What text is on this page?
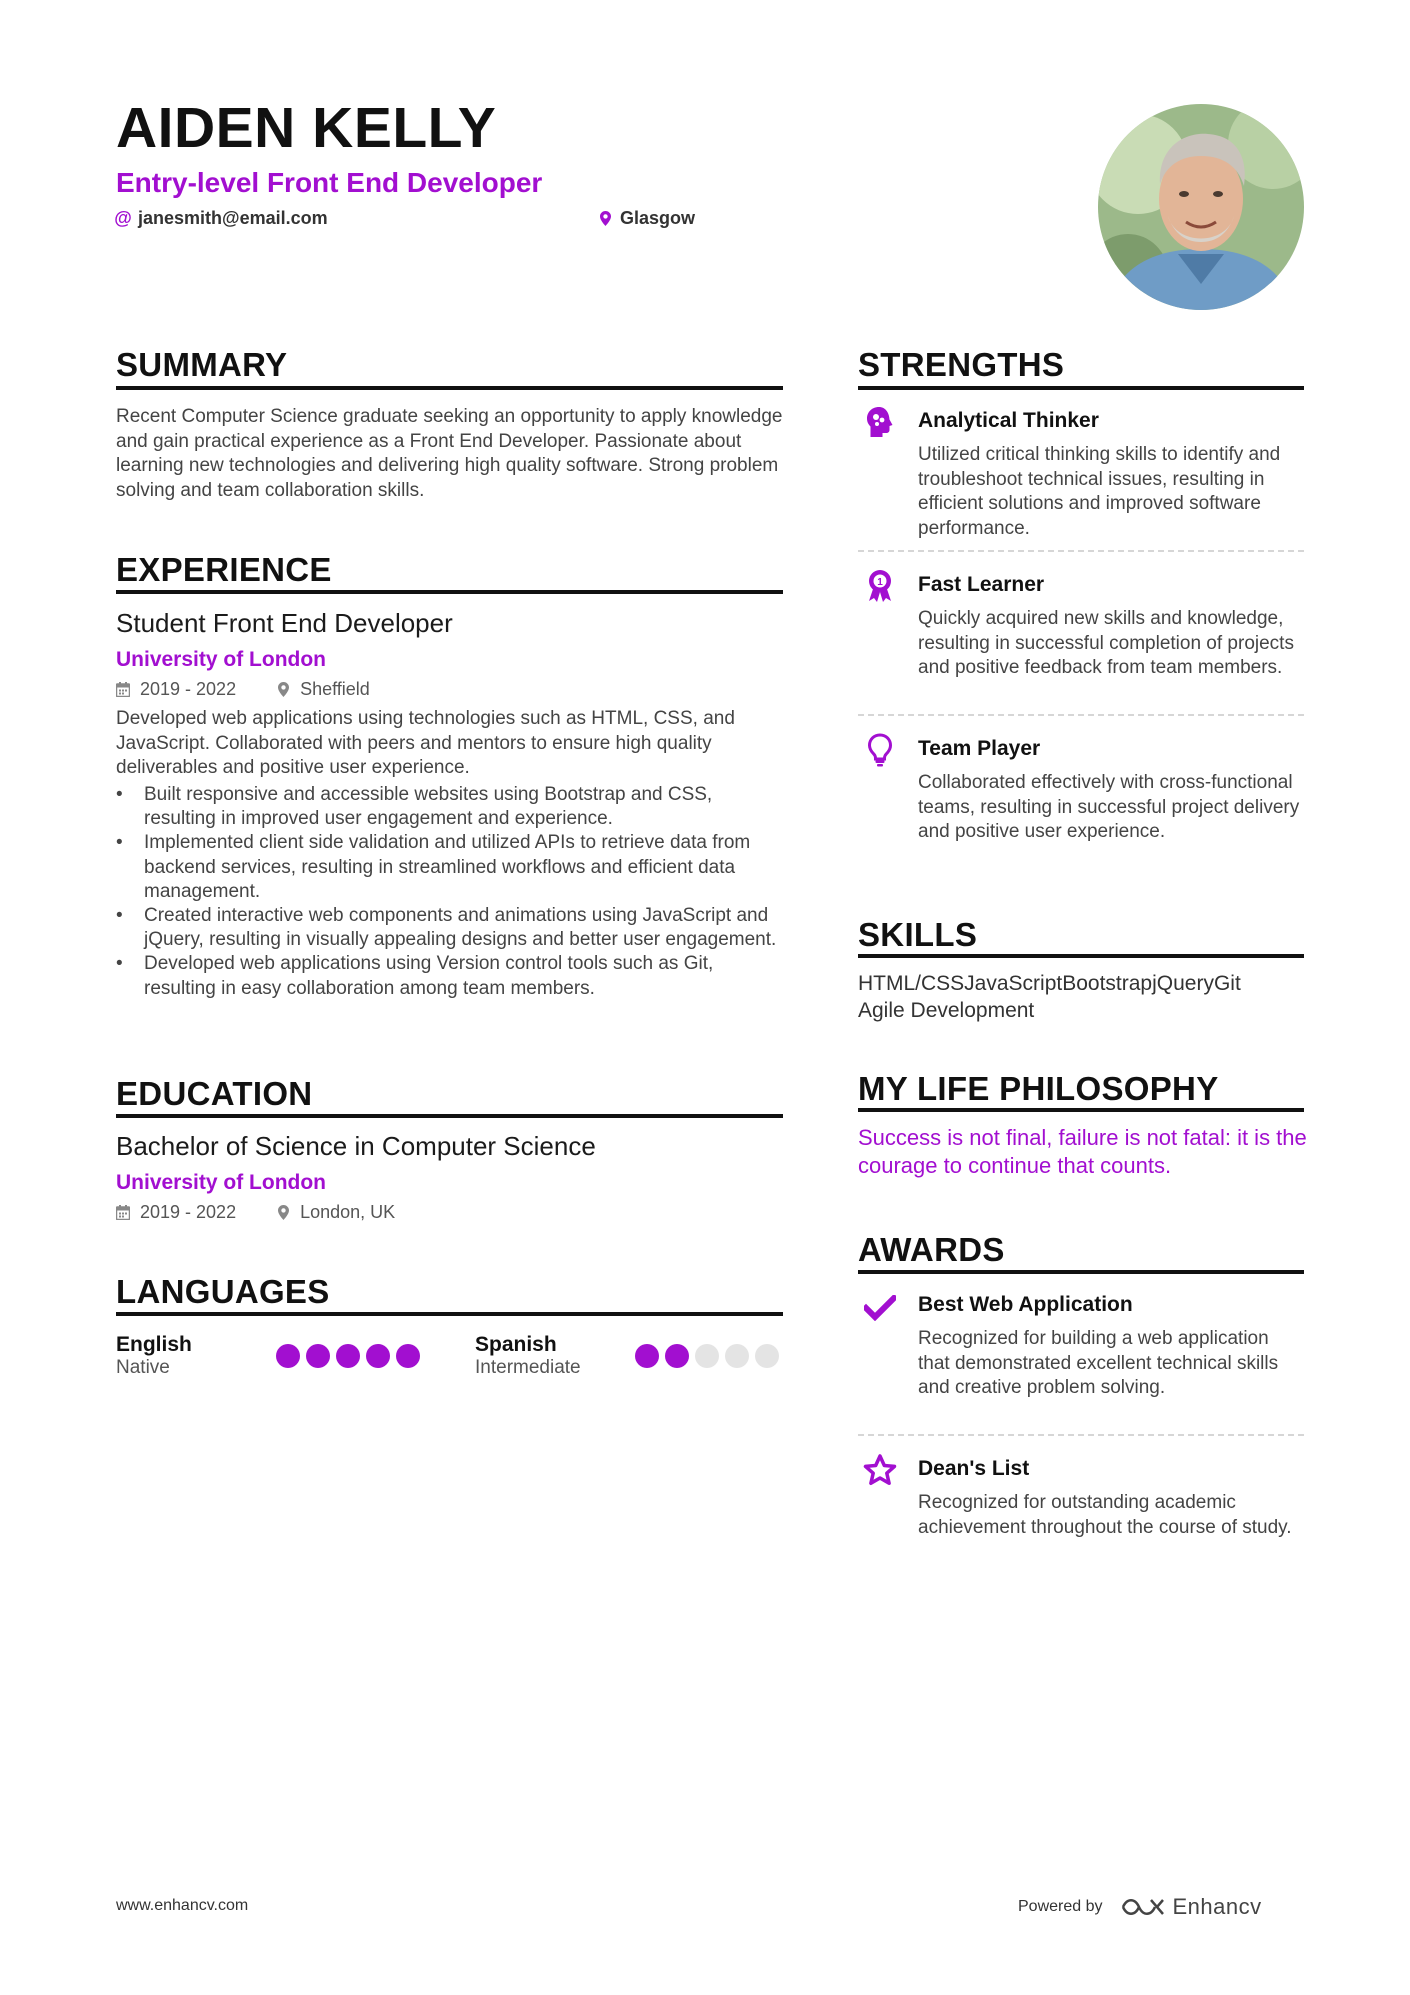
AIDEN KELLY
Entry-level Front End Developer
@ janesmith@email.com	Glasgow
SUMMARY
Recent Computer Science graduate seeking an opportunity to apply knowledge and gain practical experience as a Front End Developer. Passionate about learning new technologies and delivering high quality software. Strong problem solving and team collaboration skills.
EXPERIENCE
Student Front End Developer
University of London
2019 - 2022	Sheffield
Developed web applications using technologies such as HTML, CSS, and JavaScript. Collaborated with peers and mentors to ensure high quality deliverables and positive user experience.
• Built responsive and accessible websites using Bootstrap and CSS, resulting in improved user engagement and experience.
• Implemented client side validation and utilized APIs to retrieve data from backend services, resulting in streamlined workflows and efficient data management.
• Created interactive web components and animations using JavaScript and jQuery, resulting in visually appealing designs and better user engagement.
• Developed web applications using Version control tools such as Git, resulting in easy collaboration among team members.
EDUCATION
Bachelor of Science in Computer Science
University of London
2019 - 2022	London, UK
LANGUAGES
English
Native
Spanish
Intermediate
STRENGTHS
Analytical Thinker
Utilized critical thinking skills to identify and troubleshoot technical issues, resulting in efficient solutions and improved software performance.
1 Fast Learner
Quickly acquired new skills and knowledge, resulting in successful completion of projects and positive feedback from team members.
Team Player
Collaborated effectively with cross-functional teams, resulting in successful project delivery and positive user experience.
SKILLS
HTML/CSSJavaScriptBootstrapjQueryGit
Agile Development
MY LIFE PHILOSOPHY
Success is not final, failure is not fatal: it is the courage to continue that counts.
AWARDS
Best Web Application
Recognized for building a web application that demonstrated excellent technical skills and creative problem solving.
Dean's List
Recognized for outstanding academic achievement throughout the course of study.
www.enhancv.com	Powered by	Enhancv
